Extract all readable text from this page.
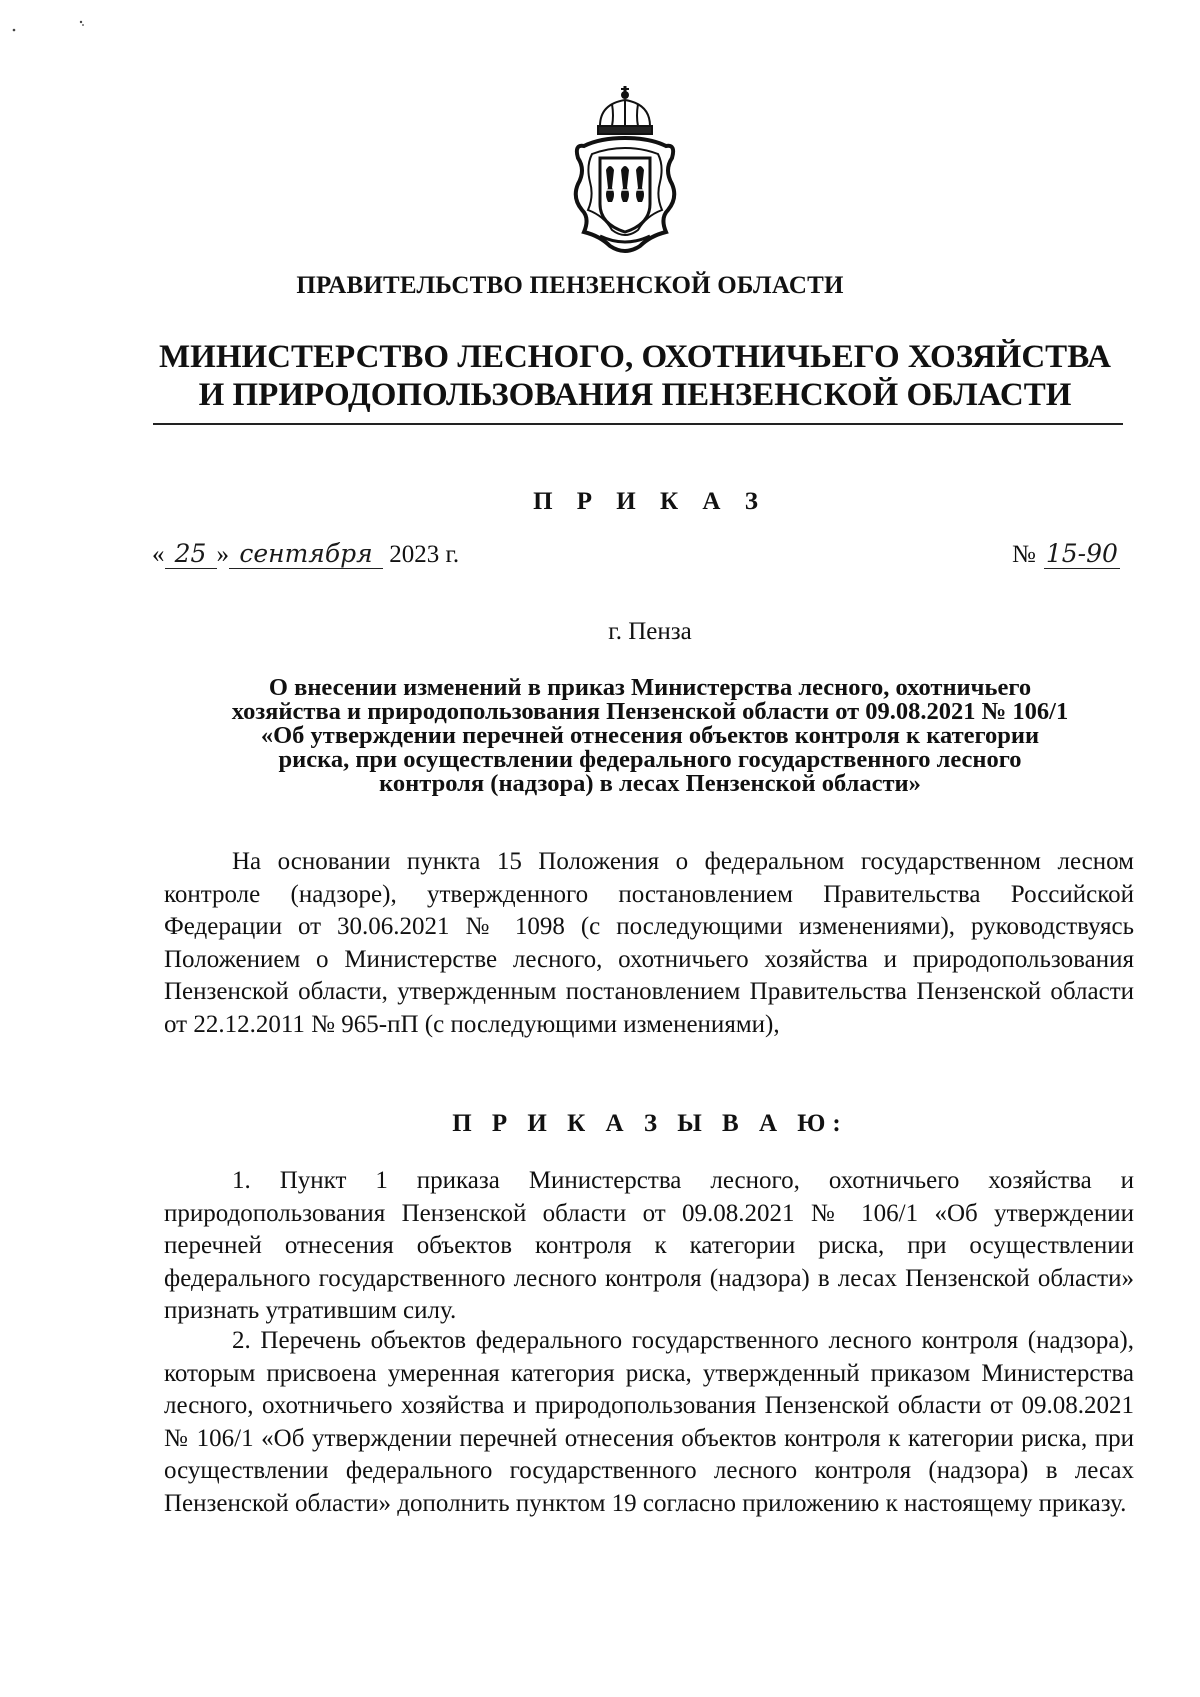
ПРАВИТЕЛЬСТВО ПЕНЗЕНСКОЙ ОБЛАСТИ
МИНИСТЕРСТВО ЛЕСНОГО, ОХОТНИЧЬЕГО ХОЗЯЙСТВА
И ПРИРОДОПОЛЬЗОВАНИЯ ПЕНЗЕНСКОЙ ОБЛАСТИ
П Р И К А З
« 25 » сентября 2023 г.	№ 15-90
г. Пенза
О внесении изменений в приказ Министерства лесного, охотничьего
хозяйства и природопользования Пензенской области от 09.08.2021 № 106/1
«Об утверждении перечней отнесения объектов контроля к категории
риска, при осуществлении федерального государственного лесного
контроля (надзора) в лесах Пензенской области»
На основании пункта 15 Положения о федеральном государственном лесном контроле (надзоре), утвержденного постановлением Правительства Российской Федерации от 30.06.2021 № 1098 (с последующими изменениями), руководствуясь Положением о Министерстве лесного, охотничьего хозяйства и природопользования Пензенской области, утвержденным постановлением Правительства Пензенской области от 22.12.2011 № 965-пП (с последующими изменениями),
П Р И К А З Ы В А Ю:
1. Пункт 1 приказа Министерства лесного, охотничьего хозяйства и природопользования Пензенской области от 09.08.2021 № 106/1 «Об утверждении перечней отнесения объектов контроля к категории риска, при осуществлении федерального государственного лесного контроля (надзора) в лесах Пензенской области» признать утратившим силу.
2. Перечень объектов федерального государственного лесного контроля (надзора), которым присвоена умеренная категория риска, утвержденный приказом Министерства лесного, охотничьего хозяйства и природопользования Пензенской области от 09.08.2021 № 106/1 «Об утверждении перечней отнесения объектов контроля к категории риска, при осуществлении федерального государственного лесного контроля (надзора) в лесах Пензенской области» дополнить пунктом 19 согласно приложению к настоящему приказу.
